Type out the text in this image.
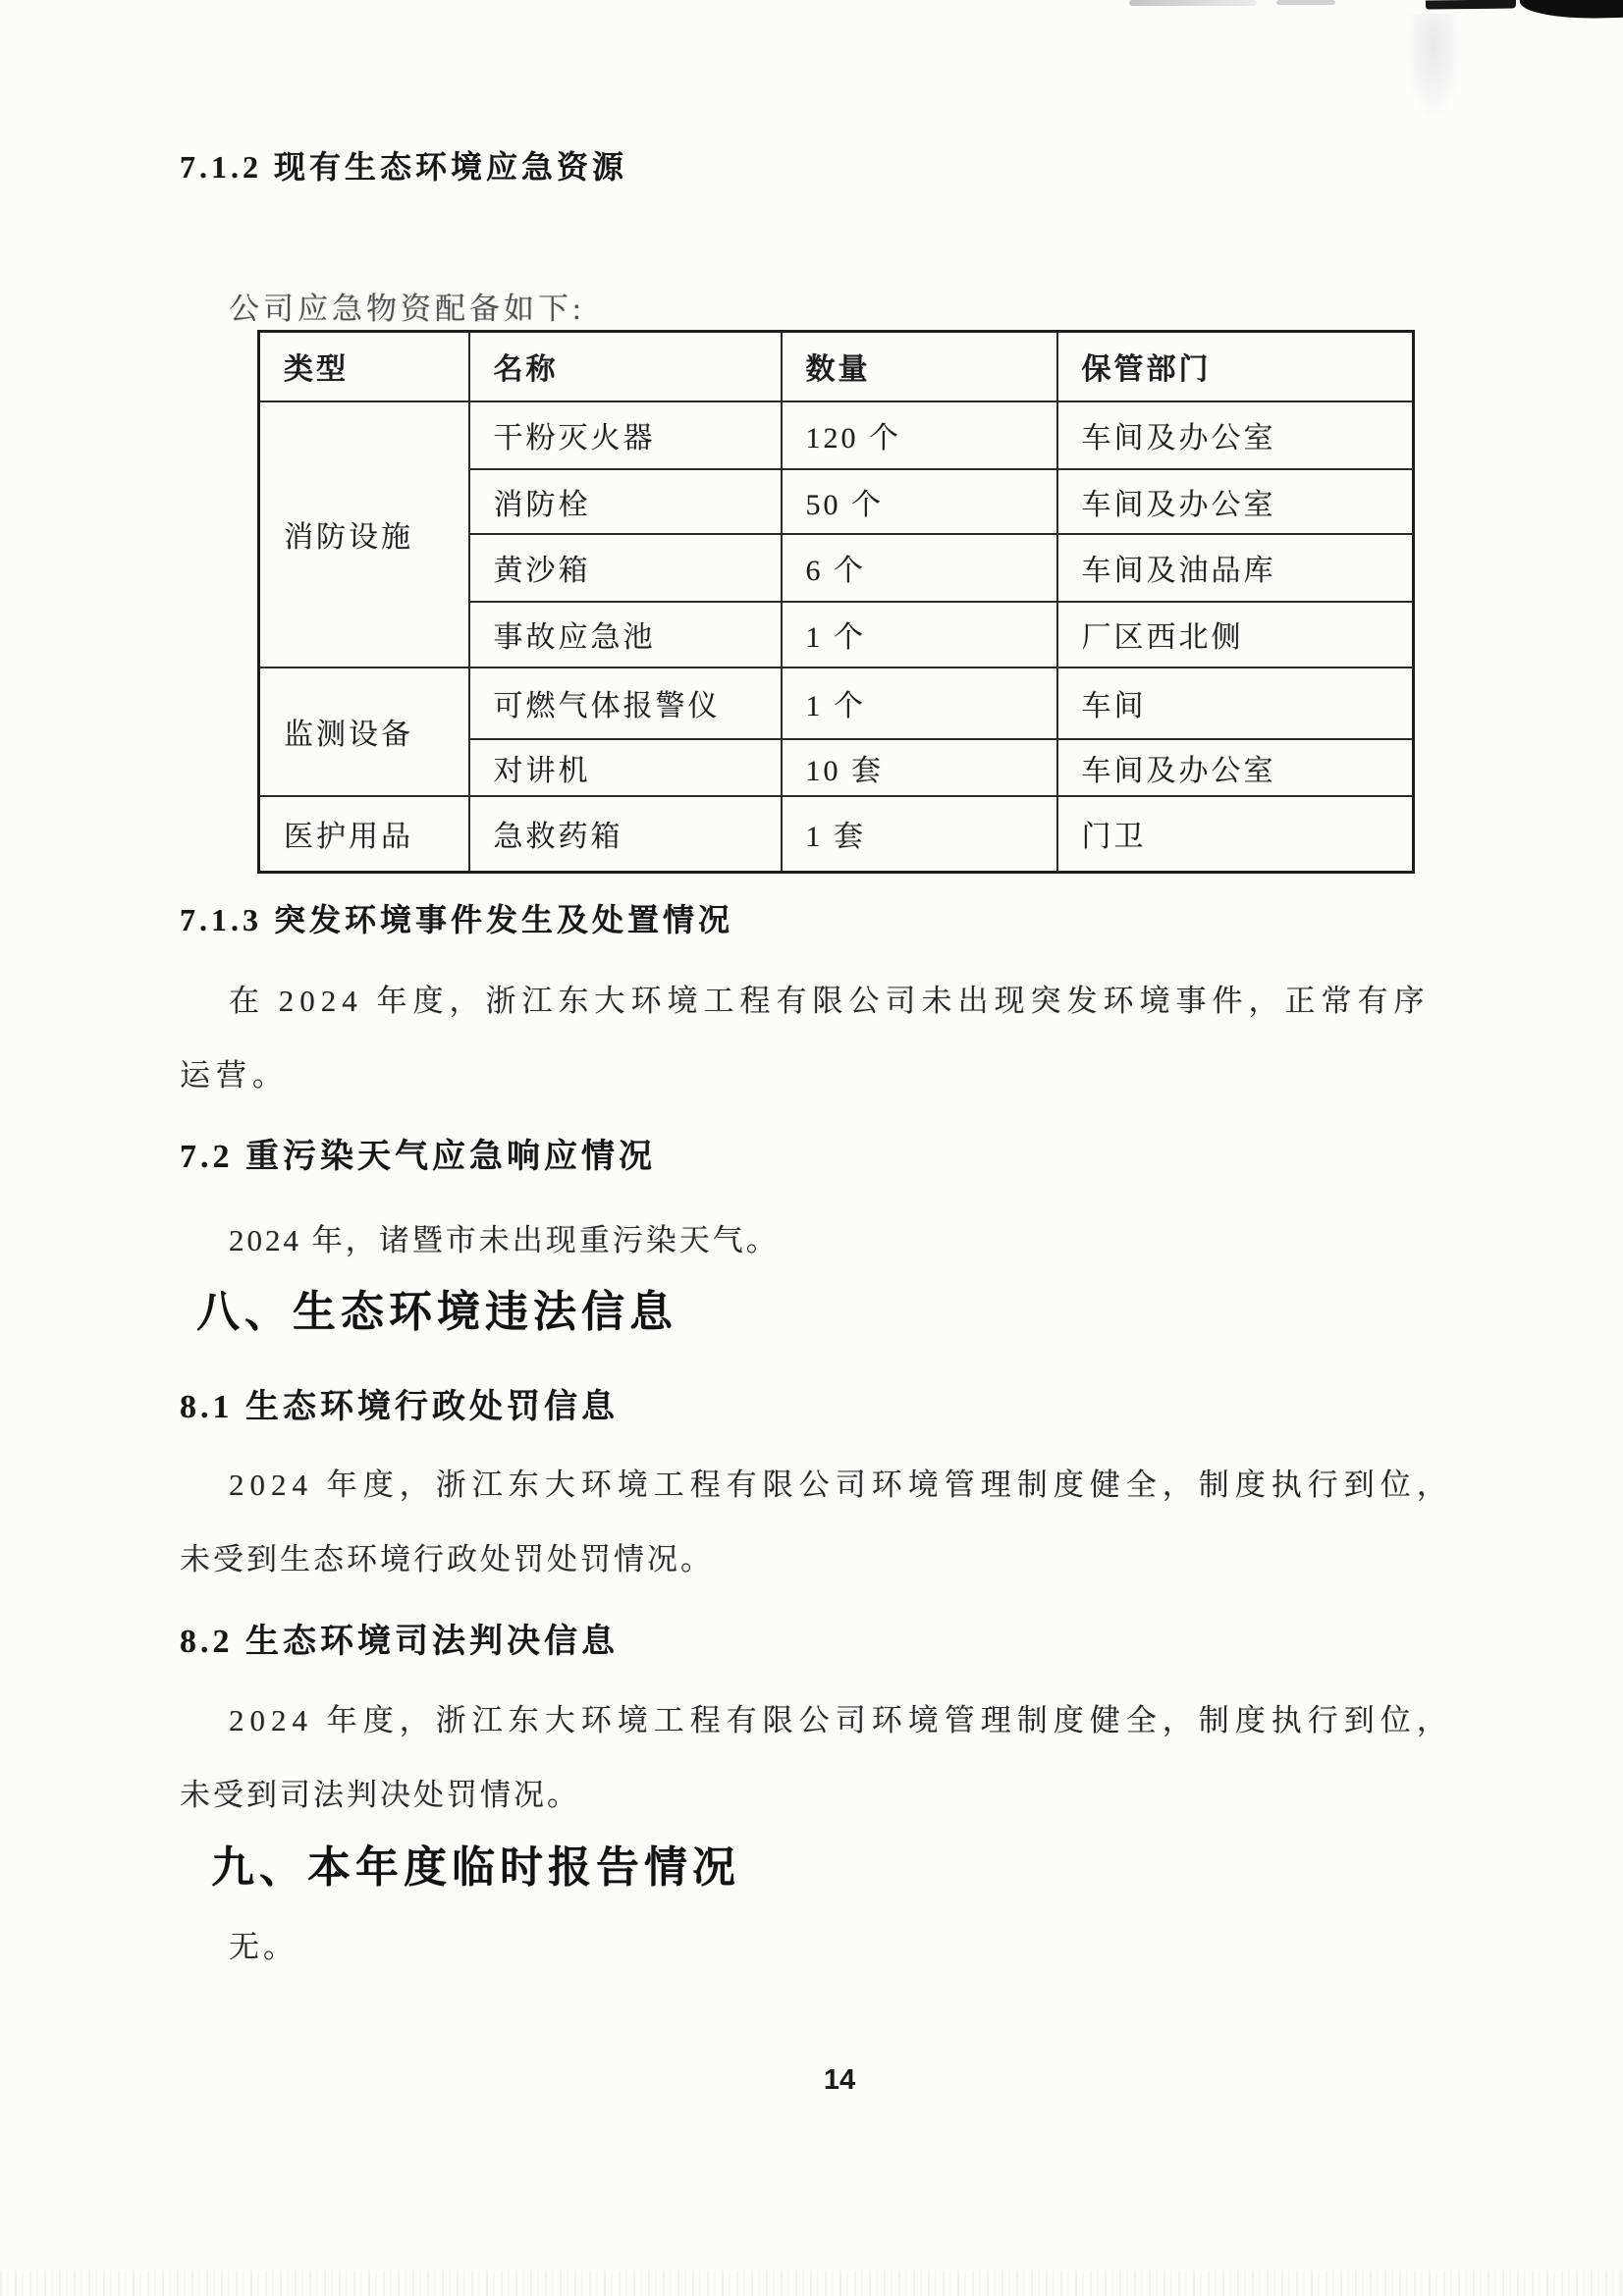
7.1.2 现有生态环境应急资源
公司应急物资配备如下:
类型	名称	数量	保管部门
消防设施	干粉灭火器	120 个	车间及办公室
	消防栓	50 个	车间及办公室
	黄沙箱	6 个	车间及油品库
	事故应急池	1 个	厂区西北侧
监测设备	可燃气体报警仪	1 个	车间
	对讲机	10 套	车间及办公室
医护用品	急救药箱	1 套	门卫
7.1.3 突发环境事件发生及处置情况
在 2024 年度，浙江东大环境工程有限公司未出现突发环境事件，正常有序
运营。
7.2 重污染天气应急响应情况
2024 年，诸暨市未出现重污染天气。
八、生态环境违法信息
8.1 生态环境行政处罚信息
2024 年度，浙江东大环境工程有限公司环境管理制度健全，制度执行到位，
未受到生态环境行政处罚处罚情况。
8.2 生态环境司法判决信息
2024 年度，浙江东大环境工程有限公司环境管理制度健全，制度执行到位，
未受到司法判决处罚情况。
九、本年度临时报告情况
无。
14
